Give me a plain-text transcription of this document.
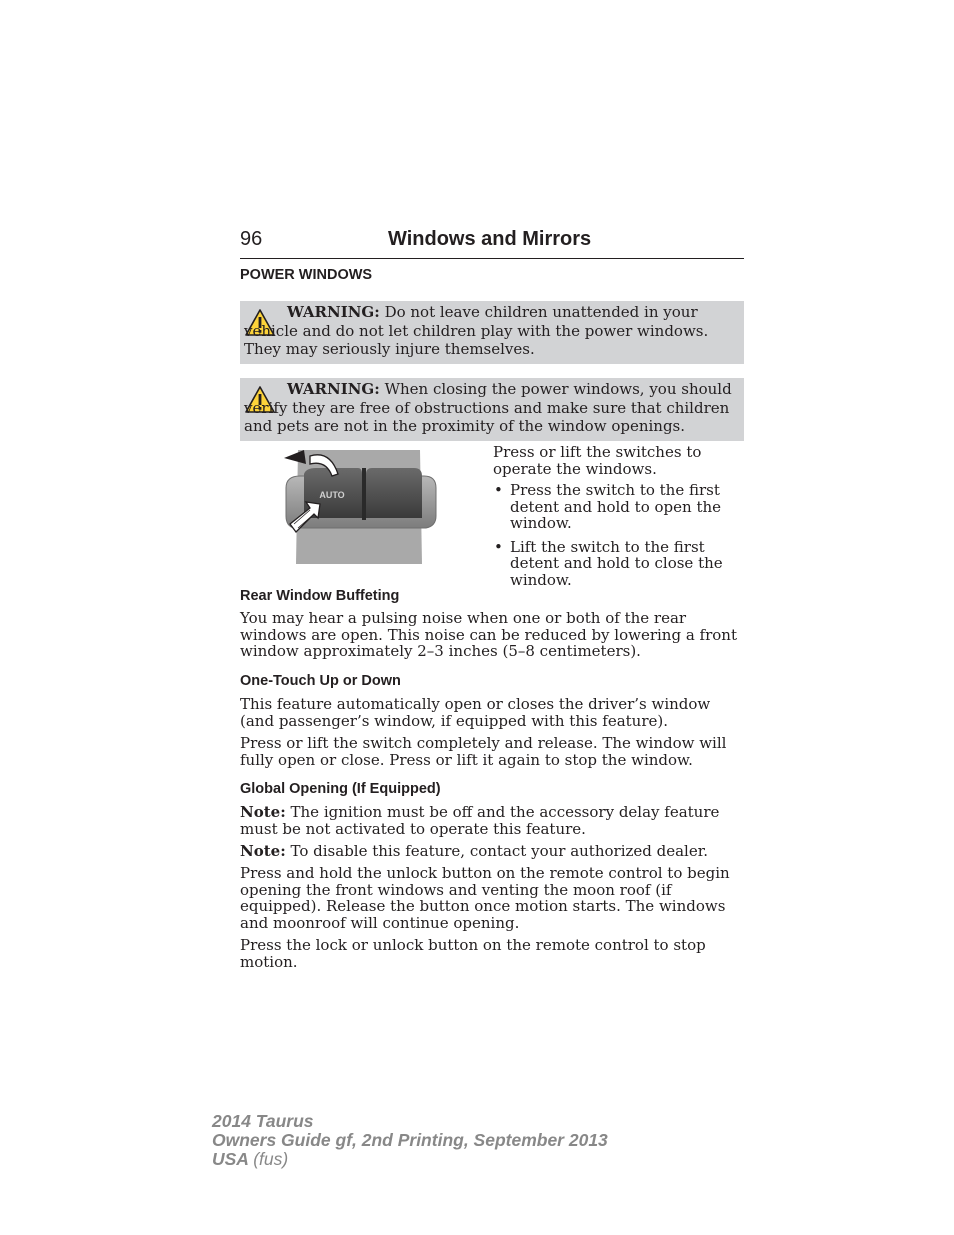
96	Windows and Mirrors
POWER WINDOWS
WARNING: Do not leave children unattended in your vehicle and do not let children play with the power windows. They may seriously injure themselves.
WARNING: When closing the power windows, you should verify they are free of obstructions and make sure that children and pets are not in the proximity of the window openings.
AUTO

Press or lift the switches to operate the windows.

• Press the switch to the first detent and hold to open the window.
• Lift the switch to the first detent and hold to close the window.
Rear Window Buffeting

You may hear a pulsing noise when one or both of the rear windows are open. This noise can be reduced by lowering a front window approximately 2–3 inches (5–8 centimeters).

One-Touch Up or Down

This feature automatically open or closes the driver’s window (and passenger’s window, if equipped with this feature).

Press or lift the switch completely and release. The window will fully open or close. Press or lift it again to stop the window.

Global Opening (If Equipped)

Note: The ignition must be off and the accessory delay feature must be not activated to operate this feature.

Note: To disable this feature, contact your authorized dealer.

Press and hold the unlock button on the remote control to begin opening the front windows and venting the moon roof (if equipped). Release the button once motion starts. The windows and moonroof will continue opening.

Press the lock or unlock button on the remote control to stop motion.

2014 Taurus
Owners Guide gf, 2nd Printing, September 2013
USA (fus)
